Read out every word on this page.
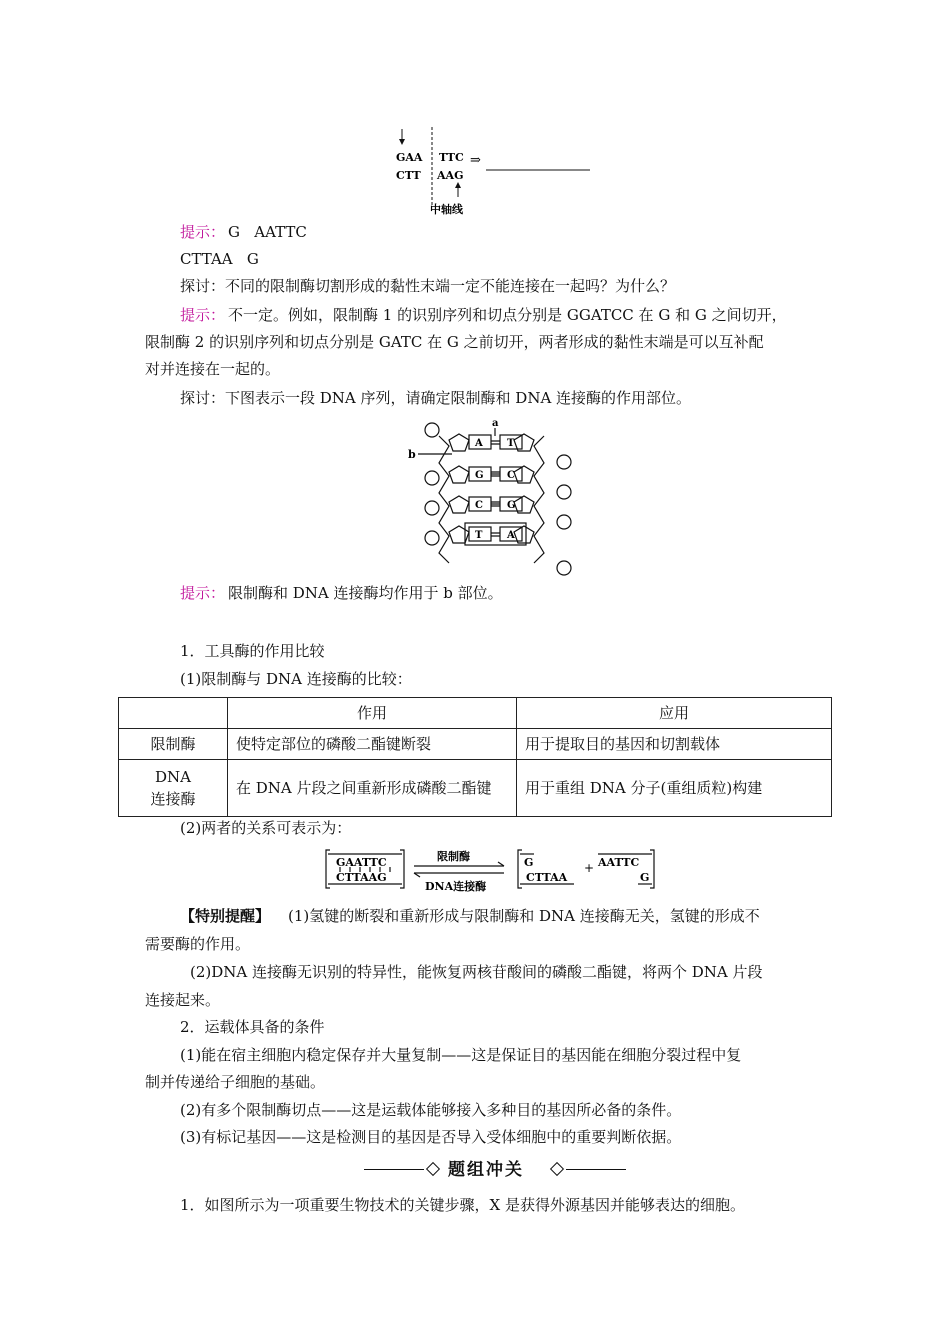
GAA
CTT
TTC
AAG
⇒
中轴线
提示： G   AATTC
CTTAA   G
探讨：不同的限制酶切割形成的黏性末端一定不能连接在一起吗？为什么？
提示： 不一定。例如，限制酶 1 的识别序列和切点分别是 GGATCC 在 G 和 G 之间切开，
限制酶 2 的识别序列和切点分别是 GATC 在 G 之前切开，两者形成的黏性末端是可以互补配
对并连接在一起的。
探讨：下图表示一段 DNA 序列，请确定限制酶和 DNA 连接酶的作用部位。
a
b
A T
G C
C G
T A
提示： 限制酶和 DNA 连接酶均作用于 b 部位。
1．工具酶的作用比较
(1)限制酶与 DNA 连接酶的比较：
	作用	应用
限制酶	使特定部位的磷酸二酯键断裂	用于提取目的基因和切割载体

DNA
连接酶	在 DNA 片段之间重新形成磷酸二酯键	用于重组 DNA 分子(重组质粒)构建
(2)两者的关系可表示为：
GAATTC
CTTAAG
限制酶
DNA连接酶
G
CTTAA
+ AATTC
G
【特别提醒】 (1)氢键的断裂和重新形成与限制酶和 DNA 连接酶无关，氢键的形成不
需要酶的作用。
(2)DNA 连接酶无识别的特异性，能恢复两核苷酸间的磷酸二酯键，将两个 DNA 片段
连接起来。
2．运载体具备的条件
(1)能在宿主细胞内稳定保存并大量复制——这是保证目的基因能在细胞分裂过程中复
制并传递给子细胞的基础。
(2)有多个限制酶切点——这是运载体能够接入多种目的基因所必备的条件。
(3)有标记基因——这是检测目的基因是否导入受体细胞中的重要判断依据。
题组冲关
1．如图所示为一项重要生物技术的关键步骤，X 是获得外源基因并能够表达的细胞。
